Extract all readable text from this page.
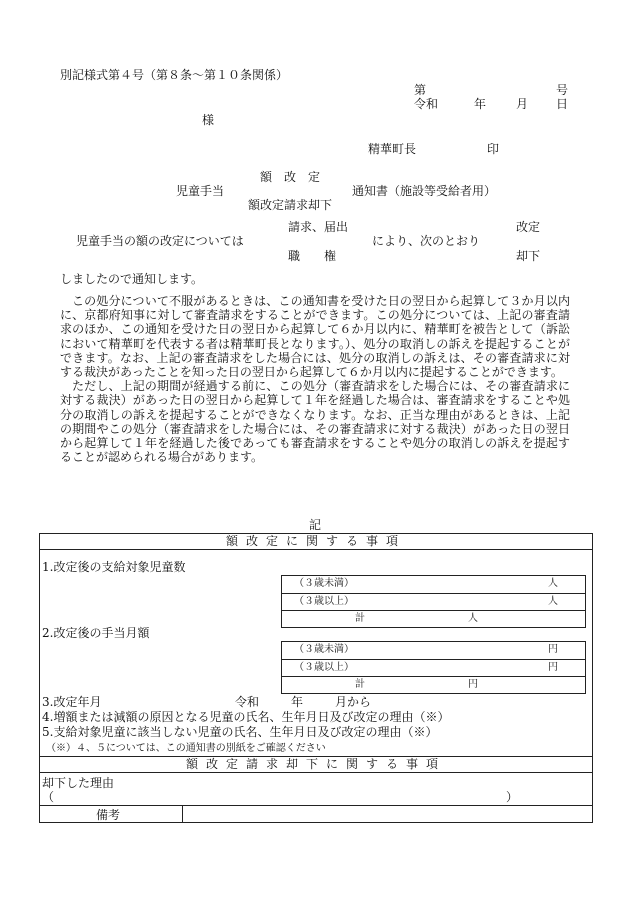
別記様式第４号（第８条～第１０条関係）
第	号
令和	年 月 日
様
精華町長	印
額　改　定
児童手当	通知書（施設等受給者用）
額改定請求却下
請求、届出	改定
児童手当の額の改定については	により、次のとおり
職　　権	却下
しましたので通知します。

この処分について不服があるときは、この通知書を受けた日の翌日から起算して３か月以内に、京都府知事に対して審査請求をすることができます。この処分については、上記の審査請求のほか、この通知を受けた日の翌日から起算して６か月以内に、精華町を被告として（訴訟において精華町を代表する者は精華町長となります。）、処分の取消しの訴えを提起することができます。なお、上記の審査請求をした場合には、処分の取消しの訴えは、その審査請求に対する裁決があったことを知った日の翌日から起算して６か月以内に提起することができます。

ただし、上記の期間が経過する前に、この処分（審査請求をした場合には、その審査請求に対する裁決）があった日の翌日から起算して１年を経過した場合は、審査請求をすることや処分の取消しの訴えを提起することができなくなります。なお、正当な理由があるときは、上記の期間やこの処分（審査請求をした場合には、その審査請求に対する裁決）があった日の翌日から起算して１年を経過した後であっても審査請求をすることや処分の取消しの訴えを提起することが認められる場合があります。

記
額改定に関する事項
1.改定後の支給対象児童数
（３歳未満）	人
（３歳以上）	人
計	人
2.改定後の手当月額
（３歳未満）	円
（３歳以上）	円
計	円
3.改定年月	令和	年	月から
4.増額または減額の原因となる児童の氏名、生年月日及び改定の理由（※）
5.支給対象児童に該当しない児童の氏名、生年月日及び改定の理由（※）
（※）４、５については、この通知書の別紙をご確認ください
額改定請求却下に関する事項
却下した理由
（	）
備考
